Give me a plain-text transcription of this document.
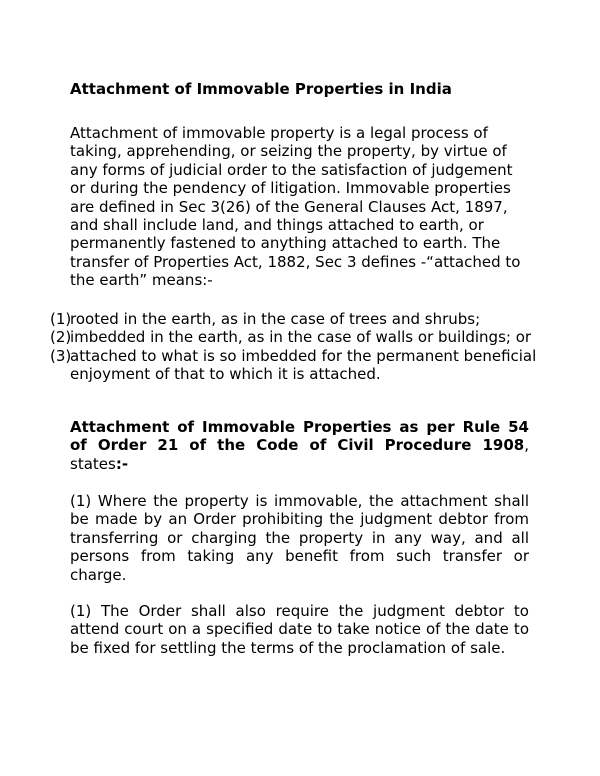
Attachment of Immovable Properties in India

Attachment of immovable property is a legal process of taking, apprehending, or seizing the property, by virtue of any forms of judicial order to the satisfaction of judgement or during the pendency of litigation. Immovable properties are defined in Sec 3(26) of the General Clauses Act, 1897, and shall include land, and things attached to earth, or permanently fastened to anything attached to earth. The transfer of Properties Act, 1882, Sec 3 defines -“attached to the earth” means:-

(1)
rooted in the earth, as in the case of trees and shrubs;
(2)
imbedded in the earth, as in the case of walls or buildings; or
(3)
attached to what is so imbedded for the permanent beneficial enjoyment of that to which it is attached.

Attachment of Immovable Properties as per Rule 54 of Order 21 of the Code of Civil Procedure 1908, states:-

(1) Where the property is immovable, the attachment shall be made by an Order prohibiting the judgment debtor from transferring or charging the property in any way, and all persons from taking any benefit from such transfer or charge.

(1) The Order shall also require the judgment debtor to attend court on a specified date to take notice of the date to be fixed for settling the terms of the proclamation of sale.
